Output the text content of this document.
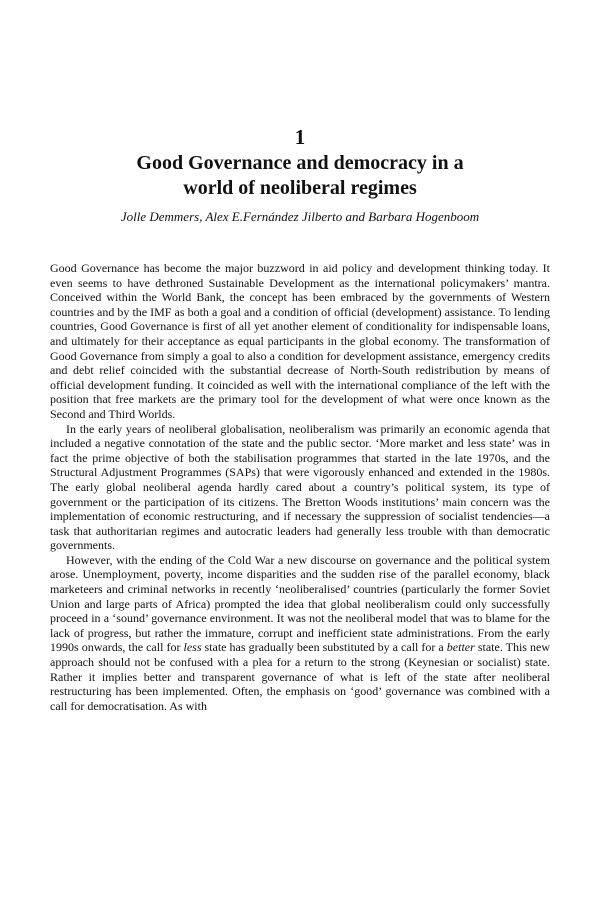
1
Good Governance and democracy in a
world of neoliberal regimes
Jolle Demmers, Alex E.Fernández Jilberto and Barbara Hogenboom

Good Governance has become the major buzzword in aid policy and development thinking today. It even seems to have dethroned Sustainable Development as the international policymakers’ mantra. Conceived within the World Bank, the concept has been embraced by the governments of Western countries and by the IMF as both a goal and a condition of official (development) assistance. To lending countries, Good Governance is first of all yet another element of conditionality for indispensable loans, and ultimately for their acceptance as equal participants in the global economy. The transformation of Good Governance from simply a goal to also a condition for development assistance, emergency credits and debt relief coincided with the substantial decrease of North-South redistribution by means of official development funding. It coincided as well with the international compliance of the left with the position that free markets are the primary tool for the development of what were once known as the Second and Third Worlds.

In the early years of neoliberal globalisation, neoliberalism was primarily an economic agenda that included a negative connotation of the state and the public sector. ‘More market and less state’ was in fact the prime objective of both the stabilisation programmes that started in the late 1970s, and the Structural Adjustment Programmes (SAPs) that were vigorously enhanced and extended in the 1980s. The early global neoliberal agenda hardly cared about a country’s political system, its type of government or the participation of its citizens. The Bretton Woods institutions’ main concern was the implementation of economic restructuring, and if necessary the suppression of socialist tendencies—a task that authoritarian regimes and autocratic leaders had generally less trouble with than democratic governments.

However, with the ending of the Cold War a new discourse on governance and the political system arose. Unemployment, poverty, income disparities and the sudden rise of the parallel economy, black marketeers and criminal networks in recently ‘neoliberalised’ countries (particularly the former Soviet Union and large parts of Africa) prompted the idea that global neoliberalism could only successfully proceed in a ‘sound’ governance environment. It was not the neoliberal model that was to blame for the lack of progress, but rather the immature, corrupt and inefficient state administrations. From the early 1990s onwards, the call for less state has gradually been substituted by a call for a better state. This new approach should not be confused with a plea for a return to the strong (Keynesian or socialist) state. Rather it implies better and transparent governance of what is left of the state after neoliberal restructuring has been implemented. Often, the emphasis on ‘good’ governance was combined with a call for democratisation. As with
